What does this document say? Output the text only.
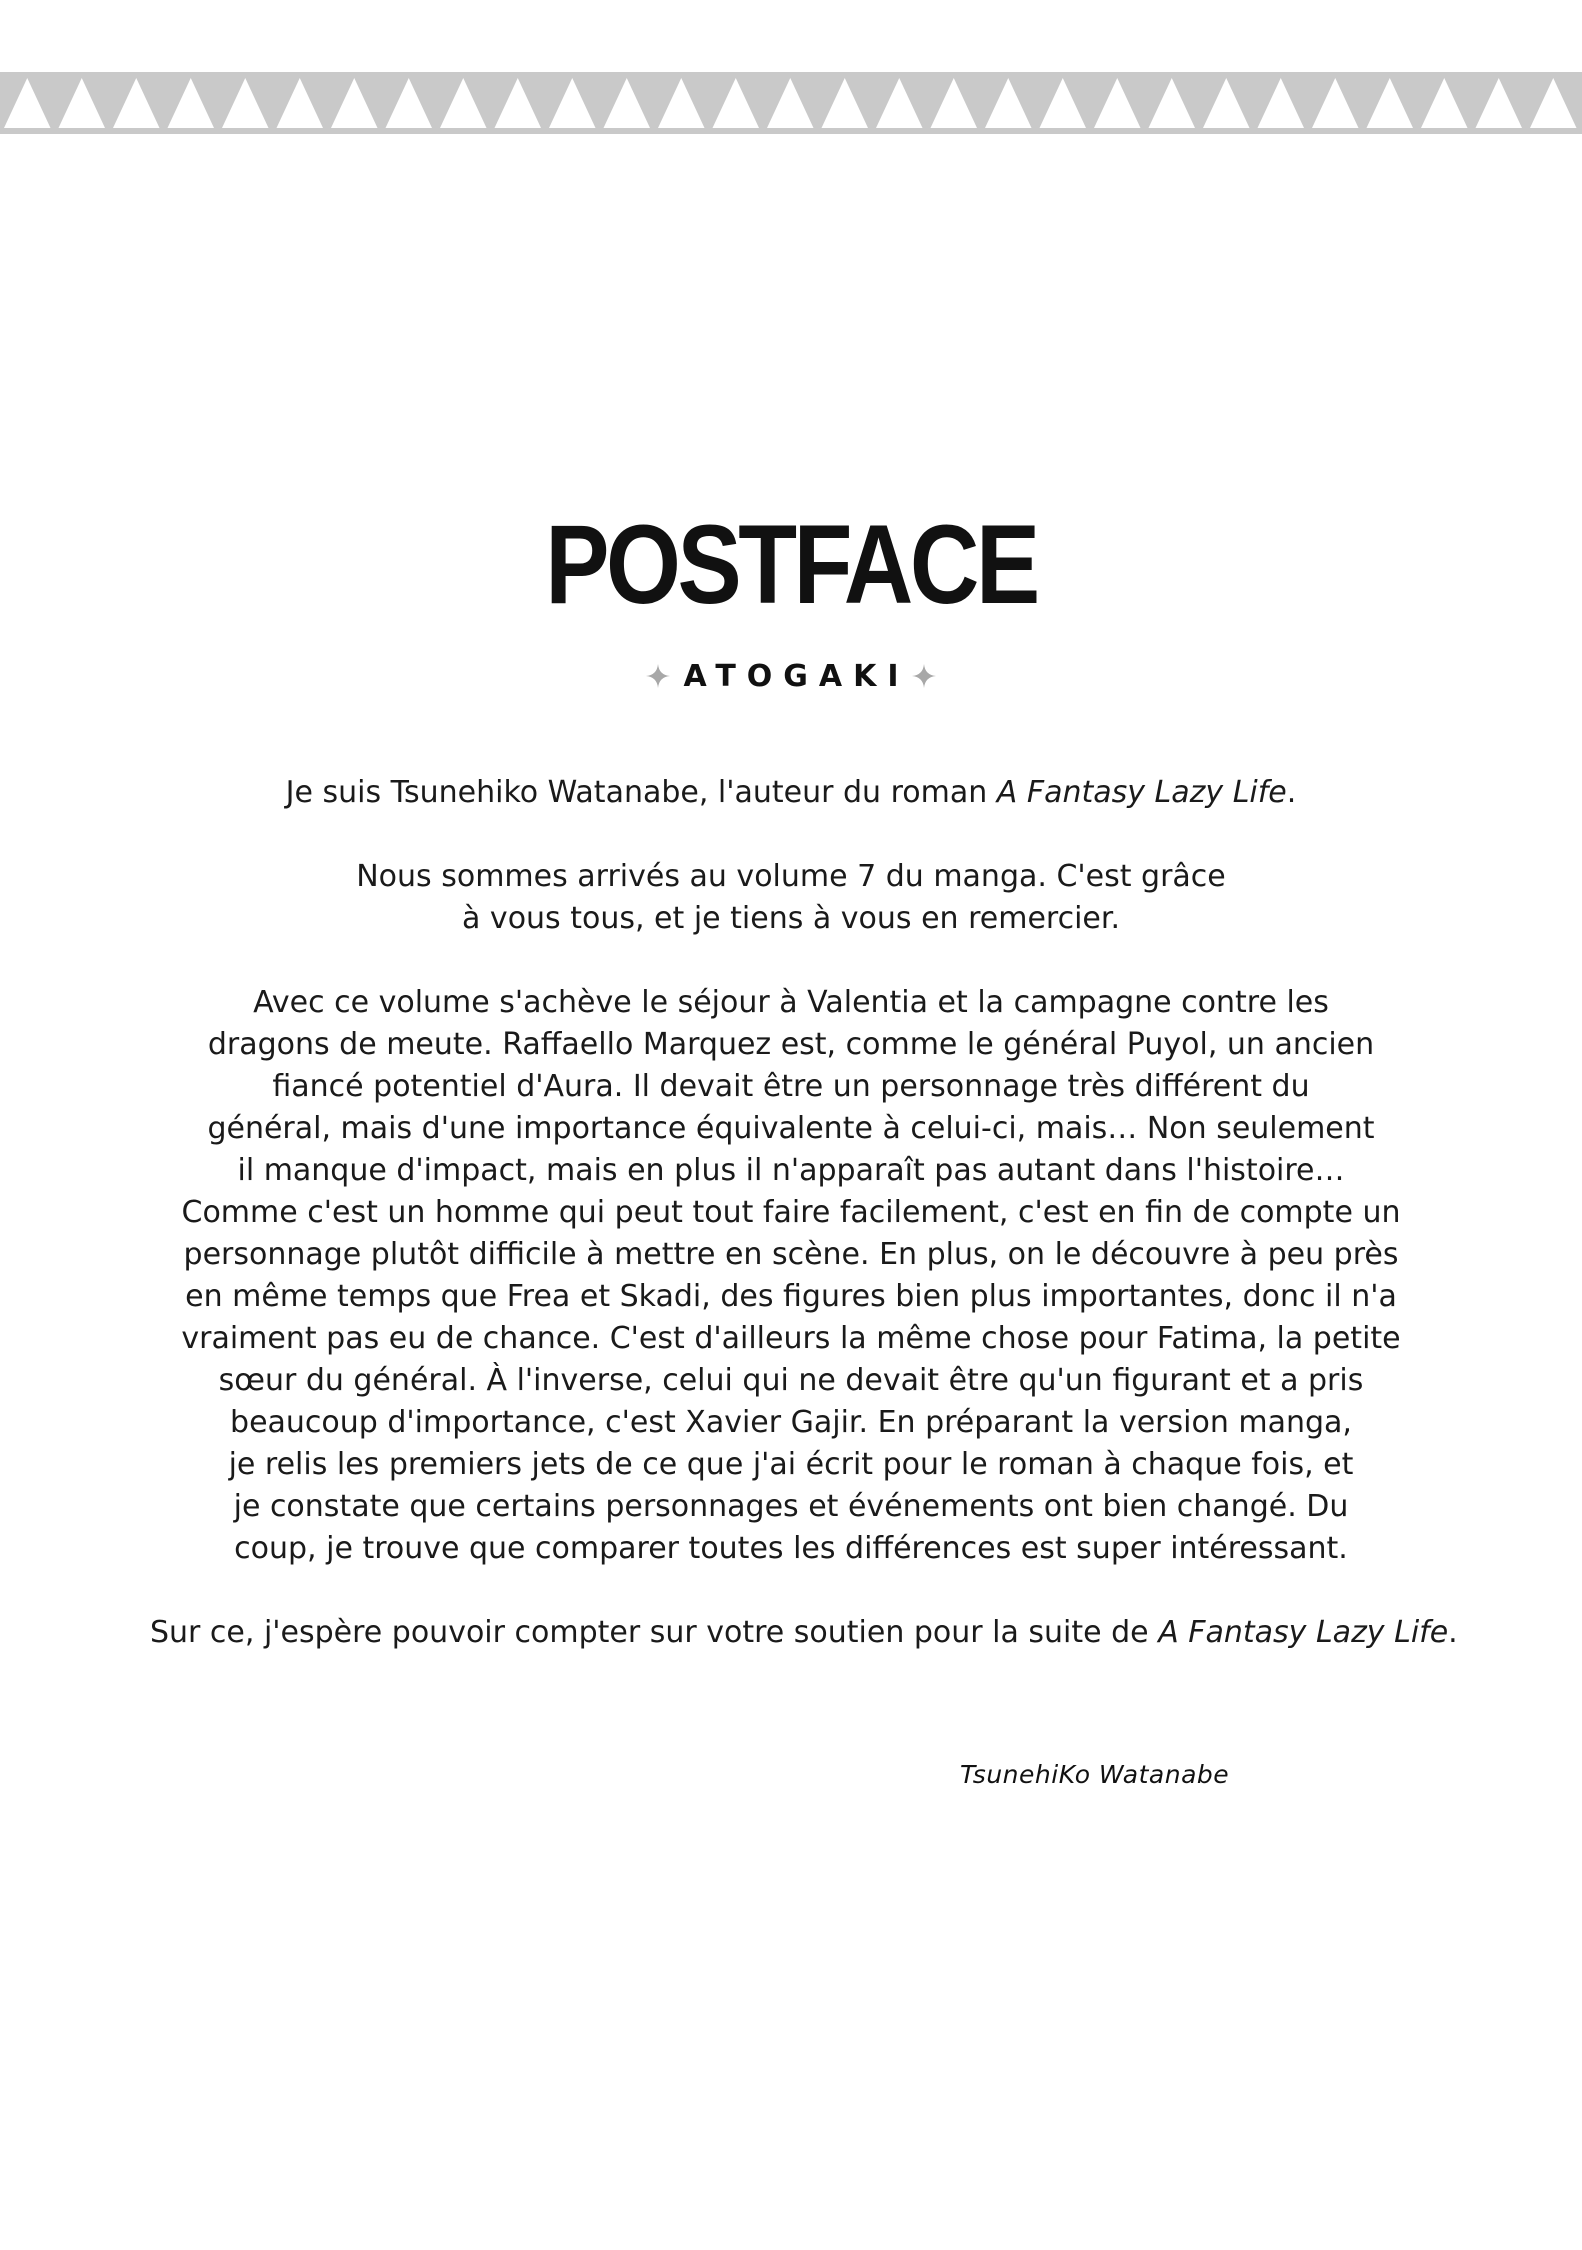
POSTFACE
ATOGAKI
Je suis Tsunehiko Watanabe, l'auteur du roman A Fantasy Lazy Life.
Nous sommes arrivés au volume 7 du manga. C'est grâce
à vous tous, et je tiens à vous en remercier.
Avec ce volume s'achève le séjour à Valentia et la campagne contre les
dragons de meute. Raffaello Marquez est, comme le général Puyol, un ancien
fiancé potentiel d'Aura. Il devait être un personnage très différent du
général, mais d'une importance équivalente à celui-ci, mais… Non seulement
il manque d'impact, mais en plus il n'apparaît pas autant dans l'histoire…
Comme c'est un homme qui peut tout faire facilement, c'est en fin de compte un
personnage plutôt difficile à mettre en scène. En plus, on le découvre à peu près
en même temps que Frea et Skadi, des figures bien plus importantes, donc il n'a
vraiment pas eu de chance. C'est d'ailleurs la même chose pour Fatima, la petite
sœur du général. À l'inverse, celui qui ne devait être qu'un figurant et a pris
beaucoup d'importance, c'est Xavier Gajir. En préparant la version manga,
je relis les premiers jets de ce que j'ai écrit pour le roman à chaque fois, et
je constate que certains personnages et événements ont bien changé. Du
coup, je trouve que comparer toutes les différences est super intéressant.
Sur ce, j'espère pouvoir compter sur votre soutien pour la suite de A Fantasy Lazy Life.
TsunehiKo Watanabe
